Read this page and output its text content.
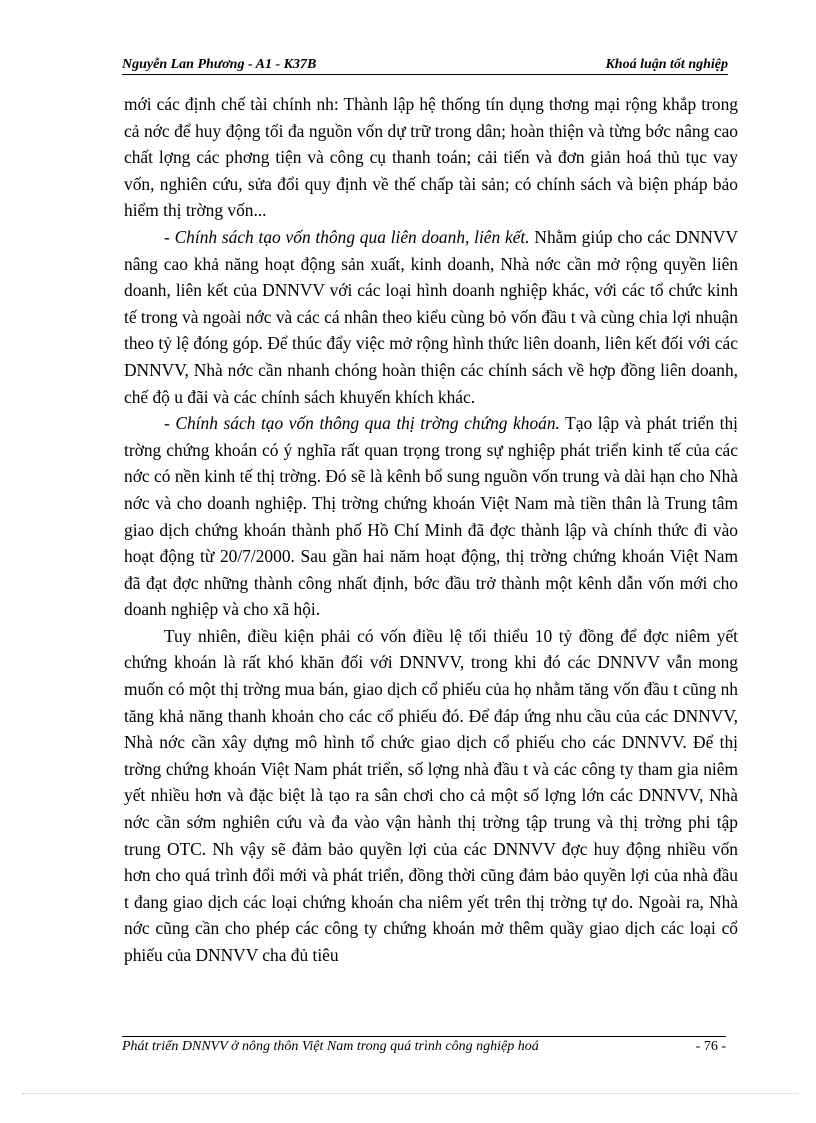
Nguyễn Lan Phương - A1 - K37B	Khoá luận tốt nghiệp

mới các định chế tài chính nh: Thành lập hệ thống tín dụng thơng mại rộng khắp trong cả nớc để huy động tối đa nguồn vốn dự trữ trong dân; hoàn thiện và từng bớc nâng cao chất lợng các phơng tiện và công cụ thanh toán; cải tiến và đơn giản hoá thủ tục vay vốn, nghiên cứu, sửa đổi quy định về thế chấp tài sản; có chính sách và biện pháp bảo hiểm thị trờng vốn...

- Chính sách tạo vốn thông qua liên doanh, liên kết. Nhằm giúp cho các DNNVV nâng cao khả năng hoạt động sản xuất, kinh doanh, Nhà nớc cần mở rộng quyền liên doanh, liên kết của DNNVV với các loại hình doanh nghiệp khác, với các tổ chức kinh tế trong và ngoài nớc và các cá nhân theo kiểu cùng bỏ vốn đầu t và cùng chia lợi nhuận theo tỷ lệ đóng góp. Để thúc đẩy việc mở rộng hình thức liên doanh, liên kết đối với các DNNVV, Nhà nớc cần nhanh chóng hoàn thiện các chính sách về hợp đồng liên doanh, chế độ u đãi và các chính sách khuyến khích khác.

- Chính sách tạo vốn thông qua thị trờng chứng khoán. Tạo lập và phát triển thị trờng chứng khoán có ý nghĩa rất quan trọng trong sự nghiệp phát triển kinh tế của các nớc có nền kinh tế thị trờng. Đó sẽ là kênh bổ sung nguồn vốn trung và dài hạn cho Nhà nớc và cho doanh nghiệp. Thị trờng chứng khoán Việt Nam mà tiền thân là Trung tâm giao dịch chứng khoán thành phố Hồ Chí Minh đã đợc thành lập và chính thức đi vào hoạt động từ 20/7/2000. Sau gần hai năm hoạt động, thị trờng chứng khoán Việt Nam đã đạt đợc những thành công nhất định, bớc đầu trở thành một kênh dẫn vốn mới cho doanh nghiệp và cho xã hội.

Tuy nhiên, điều kiện phải có vốn điều lệ tối thiểu 10 tỷ đồng để đợc niêm yết chứng khoán là rất khó khăn đối với DNNVV, trong khi đó các DNNVV vẫn mong muốn có một thị trờng mua bán, giao dịch cổ phiếu của họ nhằm tăng vốn đầu t cũng nh tăng khả năng thanh khoản cho các cổ phiếu đó. Để đáp ứng nhu cầu của các DNNVV, Nhà nớc cần xây dựng mô hình tổ chức giao dịch cổ phiếu cho các DNNVV. Để thị trờng chứng khoán Việt Nam phát triển, số lợng nhà đầu t và các công ty tham gia niêm yết nhiều hơn và đặc biệt là tạo ra sân chơi cho cả một số lợng lớn các DNNVV, Nhà nớc cần sớm nghiên cứu và đa vào vận hành thị trờng tập trung và thị trờng phi tập trung OTC. Nh vậy sẽ đảm bảo quyền lợi của các DNNVV đợc huy động nhiều vốn hơn cho quá trình đổi mới và phát triển, đồng thời cũng đảm bảo quyền lợi của nhà đầu t đang giao dịch các loại chứng khoán cha niêm yết trên thị trờng tự do. Ngoài ra, Nhà nớc cũng cần cho phép các công ty chứng khoán mở thêm quầy giao dịch các loại cổ phiếu của DNNVV cha đủ tiêu

Phát triển DNNVV ở nông thôn Việt Nam trong quá trình công nghiệp hoá	- 76 -
